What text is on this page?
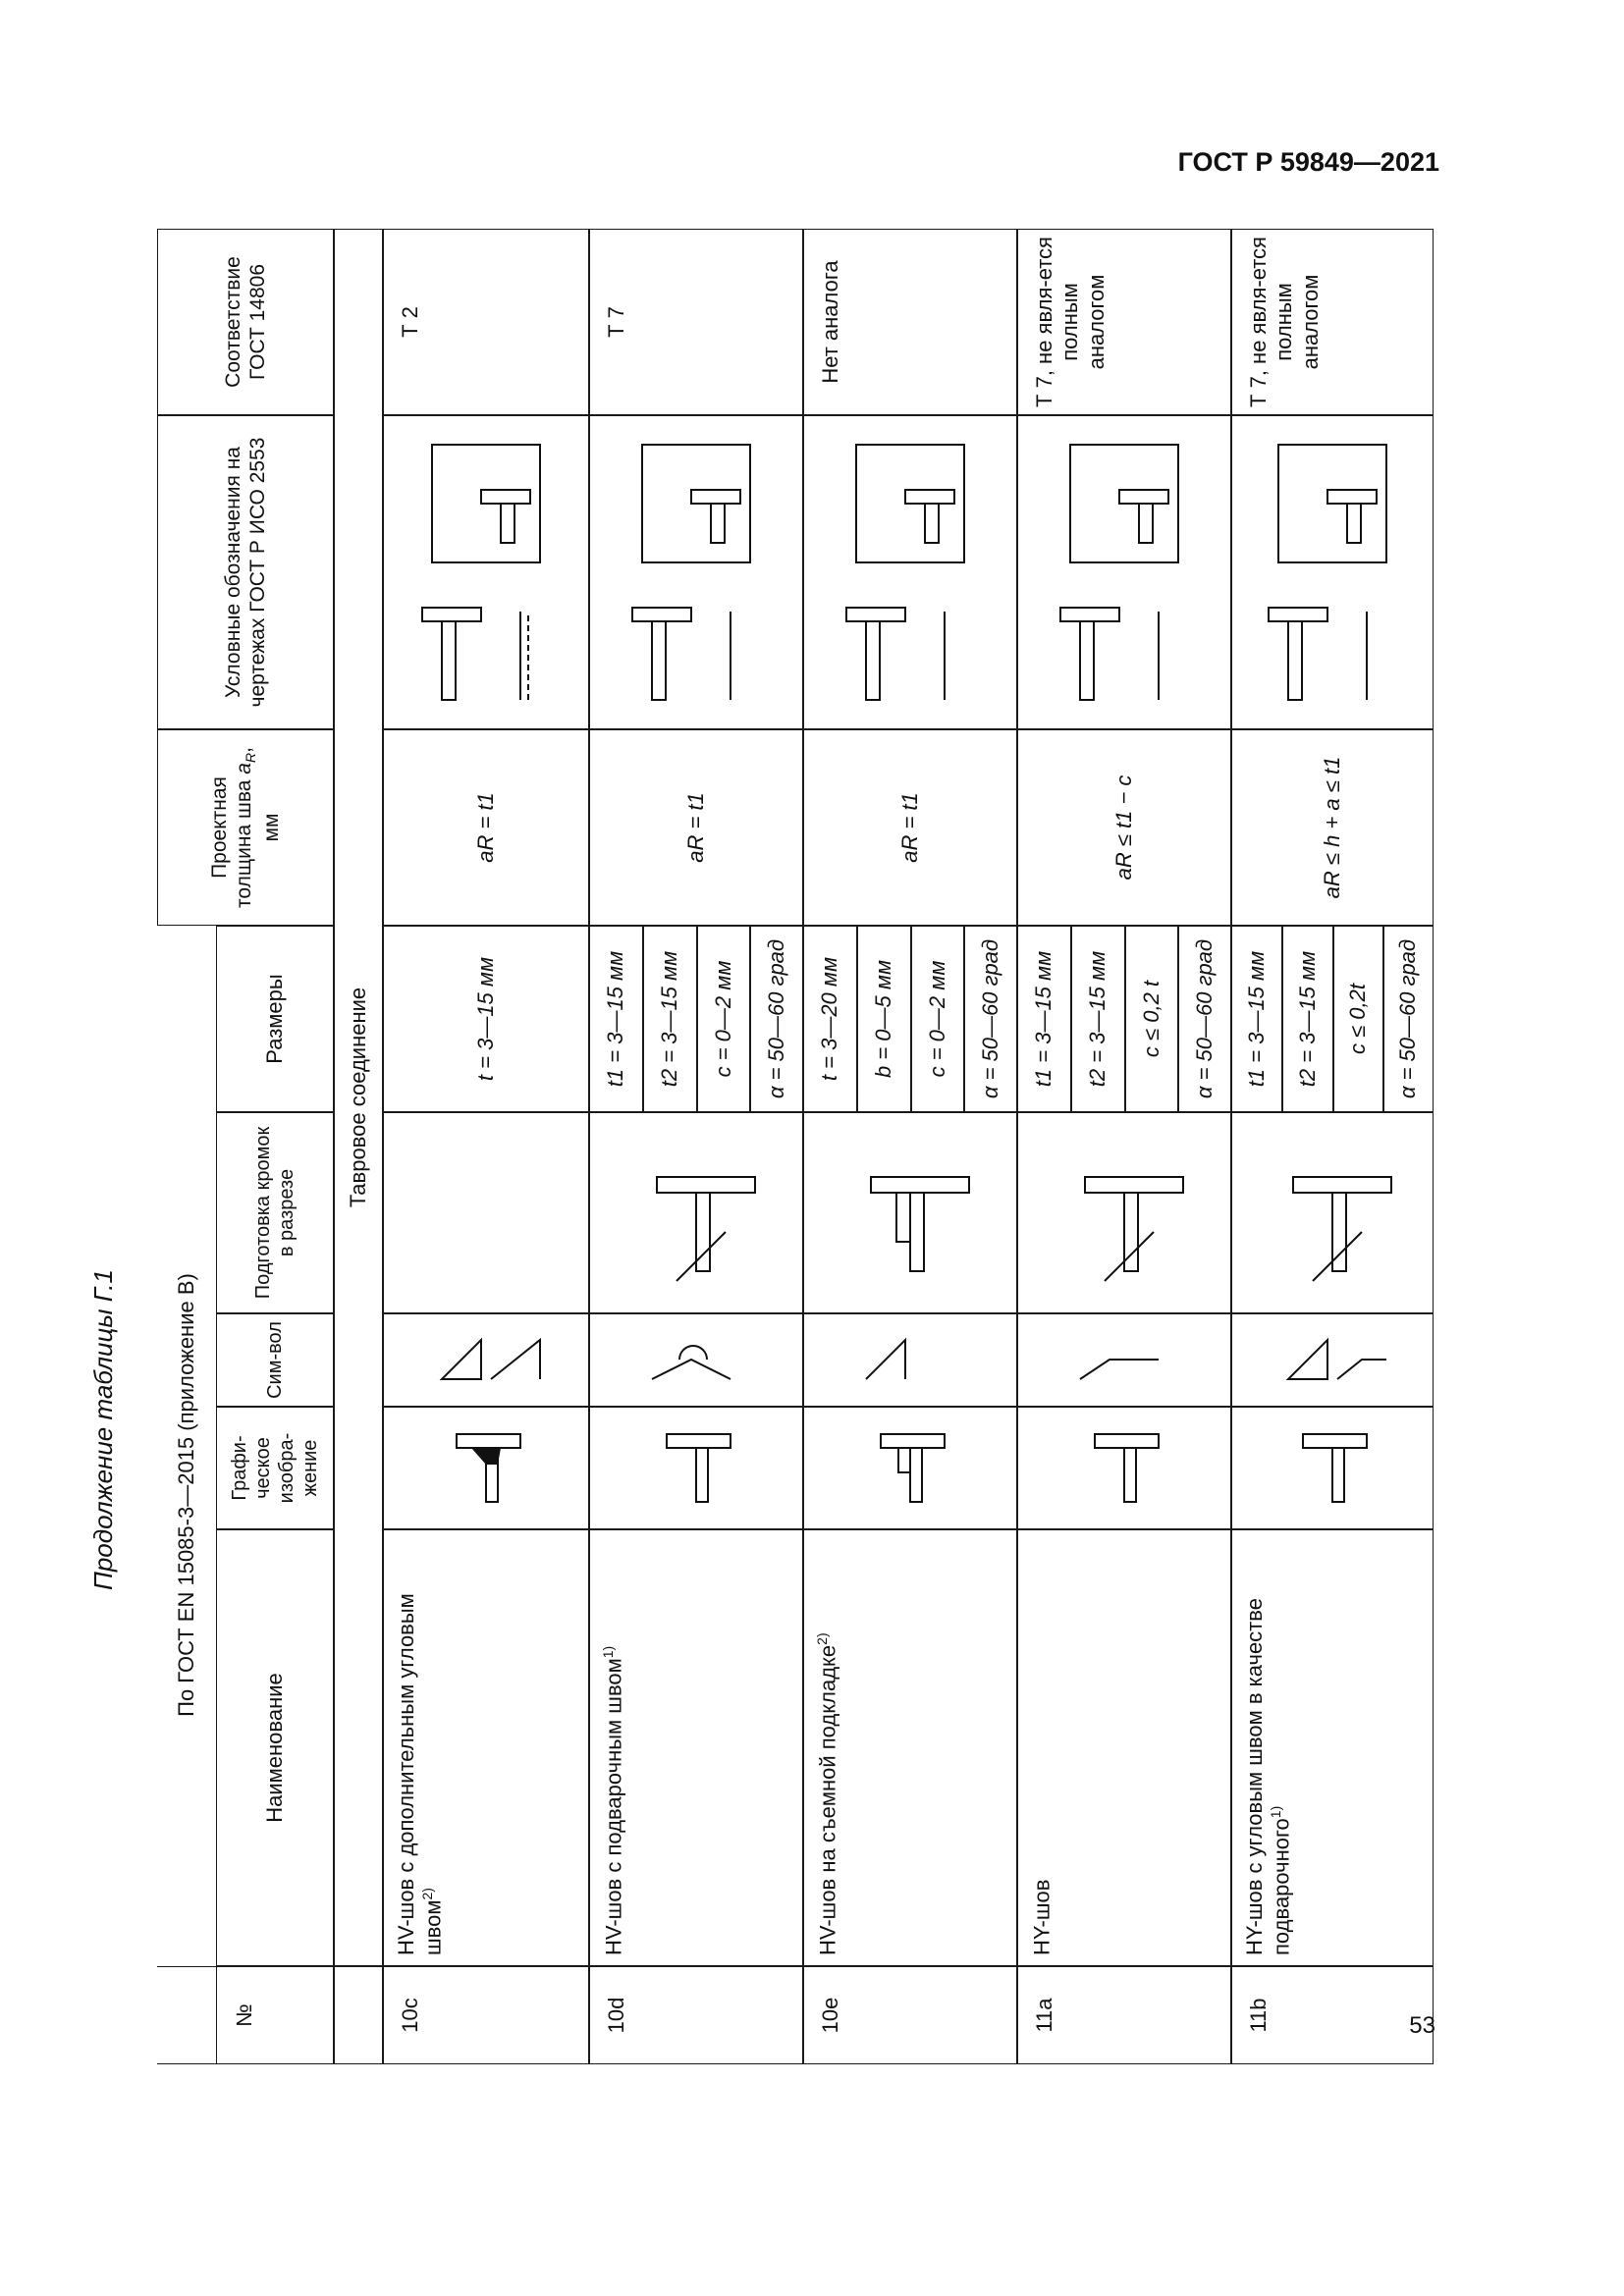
ГОСТ Р 59849—2021
Продолжение таблицы Г.1
53
По ГОСТ EN 15085-3—2015 (приложение В)
№
Наименование
Графи-ческое изобра-жение
Сим-вол
Подготовка кромок в разрезе
Размеры
Проектная толщина шва $a_R$, мм
Условные обозначения на чертежах ГОСТ Р ИСО 2553
Соответствие ГОСТ 14806
Тавровое соединение
10c
HV-шов с дополнительным угловым швом$^{2)}$
t = 3—15 мм
aR = t1
Т 2
10d
HV-шов с подварочным швом$^{1)}$
t1 = 3—15 мм t2 = 3—15 мм c = 0—2 мм α = 50—60 град
aR = t1
Т 7
10e
HV-шов на съемной подкладке$^{2)}$
t = 3—20 мм b = 0—5 мм c = 0—2 мм α = 50—60 град
aR = t1
Нет аналога
11a
HY-шов
t1 = 3—15 мм t2 = 3—15 мм c ≤ 0,2 t α = 50—60 град
aR ≤ t1 − c
Т 7, не явля-ется полным аналогом
11b
HY-шов с угловым швом в качестве подварочного$^{1)}$
t1 = 3—15 мм t2 = 3—15 мм c ≤ 0,2t α = 50—60 град
aR ≤ h + a ≤ t1
Т 7, не явля-ется полным аналогом
